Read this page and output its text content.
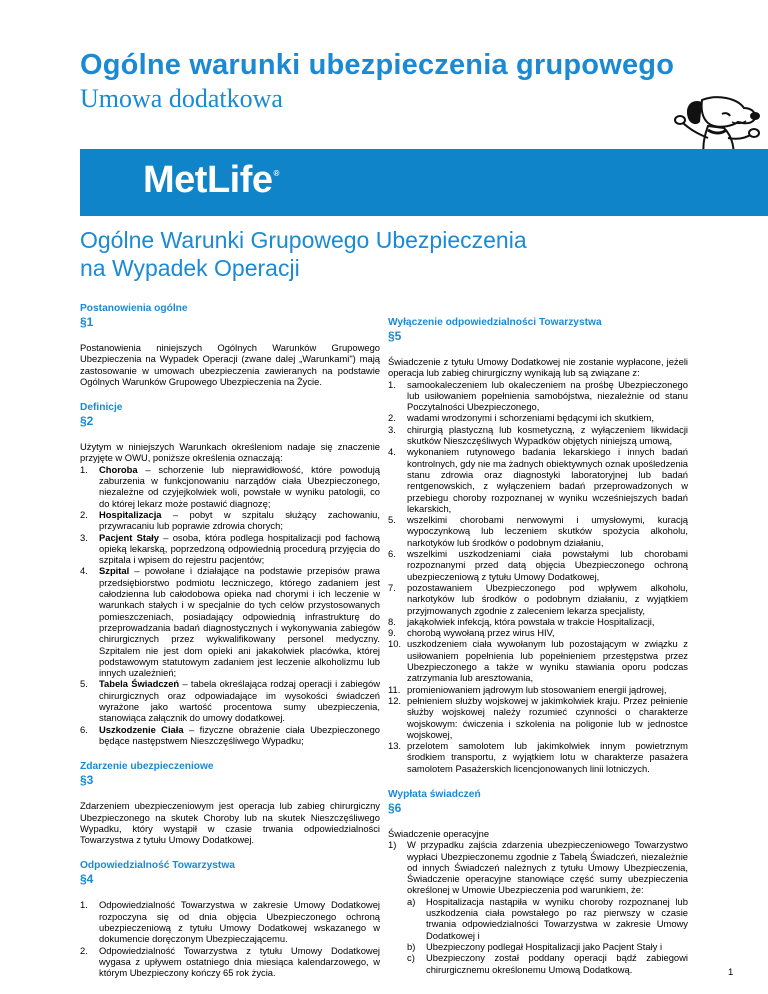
Ogólne warunki ubezpieczenia grupowego
Umowa dodatkowa
MetLife®
Ogólne Warunki Grupowego Ubezpieczenia
na Wypadek Operacji
Postanowienia ogólne
§1

Postanowienia niniejszych Ogólnych Warunków Grupowego Ubezpieczenia na Wypadek Operacji (zwane dalej „Warunkami") mają zastosowanie w umowach ubezpieczenia zawieranych na podstawie Ogólnych Warunków Grupowego Ubezpieczenia na Życie.

Definicje
§2

Użytym w niniejszych Warunkach określeniom nadaje się znaczenie przyjęte w OWU, poniższe określenia oznaczają:

1. Choroba – schorzenie lub nieprawidłowość, które powodują zaburzenia w funkcjonowaniu narządów ciała Ubezpieczonego, niezależne od czyjejkolwiek woli, powstałe w wyniku patologii, co do której lekarz może postawić diagnozę;
2. Hospitalizacja – pobyt w szpitalu służący zachowaniu, przywracaniu lub poprawie zdrowia chorych;
3. Pacjent Stały – osoba, która podlega hospitalizacji pod fachową opieką lekarską, poprzedzoną odpowiednią procedurą przyjęcia do szpitala i wpisem do rejestru pacjentów;
4. Szpital – powołane i działające na podstawie przepisów prawa przedsiębiorstwo podmiotu leczniczego, którego zadaniem jest całodzienna lub całodobowa opieka nad chorymi i ich leczenie w warunkach stałych i w specjalnie do tych celów przystosowanych pomieszczeniach, posiadający odpowiednią infrastrukturę do przeprowadzania badań diagnostycznych i wykonywania zabiegów chirurgicznych przez wykwalifikowany personel medyczny. Szpitalem nie jest dom opieki ani jakakolwiek placówka, której podstawowym statutowym zadaniem jest leczenie alkoholizmu lub innych uzależnień;
5. Tabela Świadczeń – tabela określająca rodzaj operacji i zabiegów chirurgicznych oraz odpowiadające im wysokości świadczeń wyrażone jako wartość procentowa sumy ubezpieczenia, stanowiąca załącznik do umowy dodatkowej.
6. Uszkodzenie Ciała – fizyczne obrażenie ciała Ubezpieczonego będące następstwem Nieszczęśliwego Wypadku;
Zdarzenie ubezpieczeniowe
§3

Zdarzeniem ubezpieczeniowym jest operacja lub zabieg chirurgiczny Ubezpieczonego na skutek Choroby lub na skutek Nieszczęśliwego Wypadku, który wystąpił w czasie trwania odpowiedzialności Towarzystwa z tytułu Umowy Dodatkowej.

Odpowiedzialność Towarzystwa
§4
1. Odpowiedzialność Towarzystwa w zakresie Umowy Dodatkowej rozpoczyna się od dnia objęcia Ubezpieczonego ochroną ubezpieczeniową z tytułu Umowy Dodatkowej wskazanego w dokumencie doręczonym Ubezpieczającemu.
2. Odpowiedzialność Towarzystwa z tytułu Umowy Dodatkowej wygasa z upływem ostatniego dnia miesiąca kalendarzowego, w którym Ubezpieczony kończy 65 rok życia.
Wyłączenie odpowiedzialności Towarzystwa
§5

Świadczenie z tytułu Umowy Dodatkowej nie zostanie wypłacone, jeżeli operacja lub zabieg chirurgiczny wynikają lub są związane z:

1. samookaleczeniem lub okaleczeniem na prośbę Ubezpieczonego lub usiłowaniem popełnienia samobójstwa, niezależnie od stanu Poczytalności Ubezpieczonego,
2. wadami wrodzonymi i schorzeniami będącymi ich skutkiem,
3. chirurgią plastyczną lub kosmetyczną, z wyłączeniem likwidacji skutków Nieszczęśliwych Wypadków objętych niniejszą umową,
4. wykonaniem rutynowego badania lekarskiego i innych badań kontrolnych, gdy nie ma żadnych obiektywnych oznak upośledzenia stanu zdrowia oraz diagnostyki laboratoryjnej lub badań rentgenowskich, z wyłączeniem badań przeprowadzonych w przebiegu choroby rozpoznanej w wyniku wcześniejszych badań lekarskich,
5. wszelkimi chorobami nerwowymi i umysłowymi, kuracją wypoczynkową lub leczeniem skutków spożycia alkoholu, narkotyków lub środków o podobnym działaniu,
6. wszelkimi uszkodzeniami ciała powstałymi lub chorobami rozpoznanymi przed datą objęcia Ubezpieczonego ochroną ubezpieczeniową z tytułu Umowy Dodatkowej,
7. pozostawaniem Ubezpieczonego pod wpływem alkoholu, narkotyków lub środków o podobnym działaniu, z wyjątkiem przyjmowanych zgodnie z zaleceniem lekarza specjalisty,
8. jakąkolwiek infekcją, która powstała w trakcie Hospitalizacji,
9. chorobą wywołaną przez wirus HIV,
10. uszkodzeniem ciała wywołanym lub pozostającym w związku z usiłowaniem popełnienia lub popełnieniem przestępstwa przez Ubezpieczonego a także w wyniku stawiania oporu podczas zatrzymania lub aresztowania,
11. promieniowaniem jądrowym lub stosowaniem energii jądrowej,
12. pełnieniem służby wojskowej w jakimkolwiek kraju. Przez pełnienie służby wojskowej należy rozumieć czynności o charakterze wojskowym: ćwiczenia i szkolenia na poligonie lub w jednostce wojskowej,
13. przelotem samolotem lub jakimkolwiek innym powietrznym środkiem transportu, z wyjątkiem lotu w charakterze pasażera samolotem Pasażerskich licencjonowanych linii lotniczych.
Wypłata świadczeń
§6

Świadczenie operacyjne

1) W przypadku zajścia zdarzenia ubezpieczeniowego Towarzystwo wypłaci Ubezpieczonemu zgodnie z Tabelą Świadczeń, niezależnie od innych Świadczeń należnych z tytułu Umowy Ubezpieczenia, Świadczenie operacyjne stanowiące część sumy ubezpieczenia określonej w Umowie Ubezpieczenia pod warunkiem, że:
a) Hospitalizacja nastąpiła w wyniku choroby rozpoznanej lub uszkodzenia ciała powstałego po raz pierwszy w czasie trwania odpowiedzialności Towarzystwa w zakresie Umowy Dodatkowej i
b) Ubezpieczony podlegał Hospitalizacji jako Pacjent Stały i
c) Ubezpieczony został poddany operacji bądź zabiegowi chirurgicznemu określonemu Umową Dodatkową.	1
